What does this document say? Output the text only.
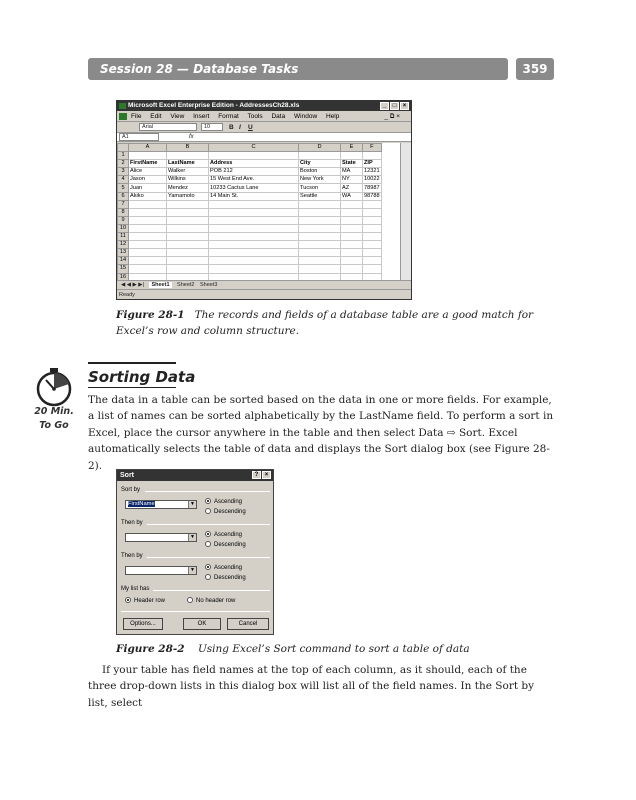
Session 28 — Database Tasks	359
Microsoft Excel Enterprise Edition - AddressesCh28.xls	_	□	×
File Edit View Insert Format Tools Data Window Help	_ ⧉ ×
Arial	10	B I U
A1	fx
	A	B	C	D	E	F
1						
2	FirstName	LastName	Address	City	State	ZIP
3	Alice	Walker	POB 212	Boston	MA	12321
4	Jason	Wilkins	15 West End Ave.	New York	NY	10022
5	Juan	Mendez	10233 Cactus Lane	Tucson	AZ	78987
6	Akiko	Yamamoto	14 Main St.	Seattle	WA	98788
7						
8						
9						
10						
11						
12						
13						
14						
15						
16						
◀ ◀ ▶ ▶| Sheet1 Sheet2 Sheet3
Ready
Figure 28-1 The records and fields of a database table are a good match for Excel’s row and column structure.
20 Min.
To Go
Sorting Data
The data in a table can be sorted based on the data in one or more fields. For example, a list of names can be sorted alphabetically by the LastName field. To perform a sort in Excel, place the cursor anywhere in the table and then select Data ⇨ Sort. Excel automatically selects the table of data and displays the Sort dialog box (see Figure 28-2).
Sort	?	×
Sort by
FirstName	▼	Ascending
Descending
Then by
▼	Ascending
Descending
Then by
▼	Ascending
Descending
My list has
Header row	No header row
Options...	OK	Cancel
Figure 28-2 Using Excel’s Sort command to sort a table of data
If your table has field names at the top of each column, as it should, each of the three drop-down lists in this dialog box will list all of the field names. In the Sort by list, select
